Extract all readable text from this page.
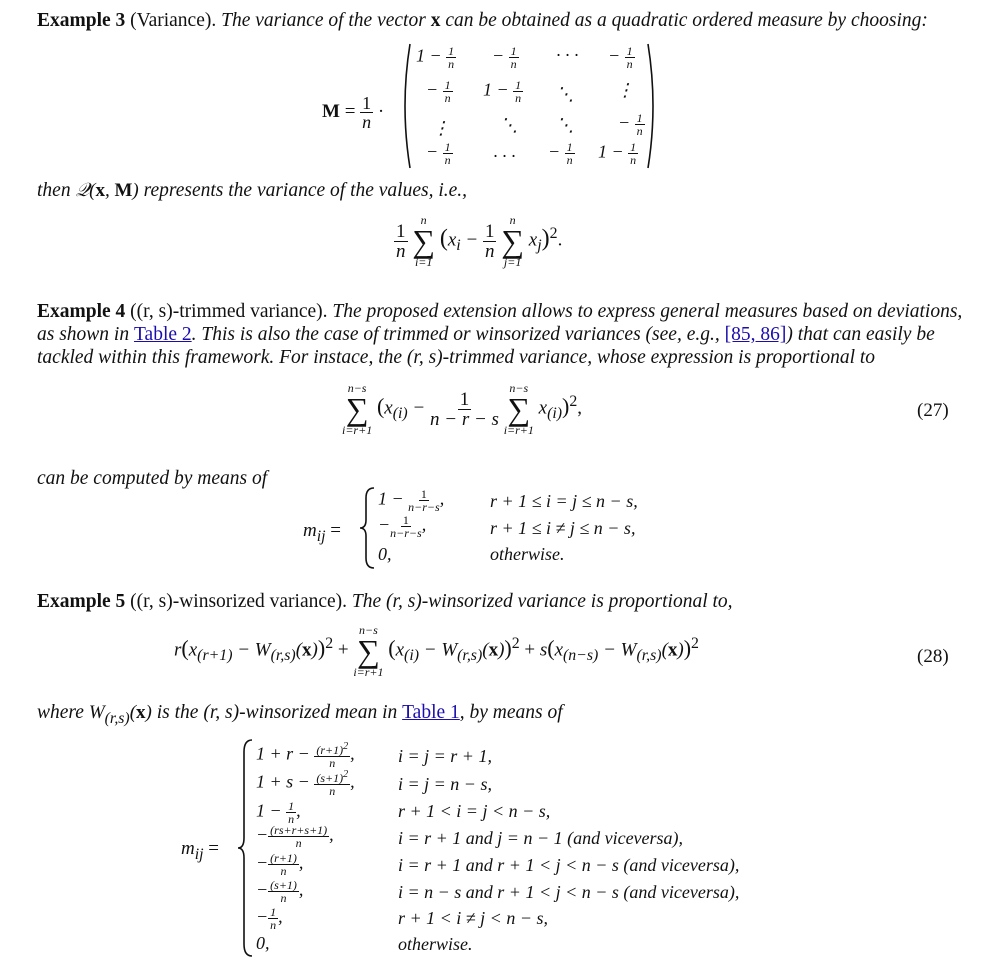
Example 3 (Variance). The variance of the vector x can be obtained as a quadratic ordered measure by choosing:
$M = \frac{1}{n}$ ·
$1 - \frac{1}{n} - \frac{1}{n}$ · · · − $\frac{1}{n}$
− $\frac{1}{n} 1 - \frac{1}{n}$ ⋱ ⋮
⋮	⋱ ⋱ − $\frac{1}{n}$
− $\frac{1}{n}$ · · · − $\frac{1}{n} 1 - \frac{1}{n}$
then 𝒬(x, M) represents the variance of the values, i.e.,
$\frac{1}{n}$

n
∑
i=1
($x_i - \frac{1}{n}$

n
∑
j=1
$x_j)^2$.
Example 4 ((r, s)-trimmed variance). The proposed extension allows to express general measures based on deviations,
as shown in Table 2. This is also the case of trimmed or winsorized variances (see, e.g., [85, 86]) that can easily be
tackled within this framework. For instace, the (r, s)-trimmed variance, whose expression is proportional to
n−s
∑
i=r+1
($x_{(i)} - \frac{1}{n - r - s}$

n−s
∑
i=r+1
$x_{(i)})^2$,	(27)
can be computed by means of
$m_{ij}$ =
$1 - \frac{1}{n-r-s}$ ,
− $\frac{1}{n-r-s}$ ,
0,
r + 1 ≤ i = j ≤ n − s,
r + 1 ≤ i ≠ j ≤ n − s,
otherwise.
Example 5 ((r, s)-winsorized variance). The (r, s)-winsorized variance is proportional to,
$r(x_{(r+1)} - W_{(r,s)}(x))^2$ +
n−s
∑
i=r+1
$(x_{(i)} - W_{(r,s)}(x))^2 + s(x_{(n-s)} - W_{(r,s)}(x))^2$
(28)
where $W_{(r,s)}(x)$ is the (r, s)-winsorized mean in Table 1, by means of
$m_{ij}$ =
$1 + r - \frac{(r+1)^2}{n}$ ,
$1 + s - \frac{(s+1)^2}{n}$ ,
$1 - \frac{1}{n}$ ,
− $\frac{(rs+r+s+1)}{n}$ ,
− $\frac{(r+1)}{n}$ ,
− $\frac{(s+1)}{n}$ ,
− $\frac{1}{n}$ ,
0,
i = j = r + 1,
i = j = n − s,
r + 1 < i = j < n − s,
i = r + 1 and j = n − 1 (and viceversa),
i = r + 1 and r + 1 < j < n − s (and viceversa),
i = n − s and r + 1 < j < n − s (and viceversa),
r + 1 < i ≠ j < n − s,
otherwise.
